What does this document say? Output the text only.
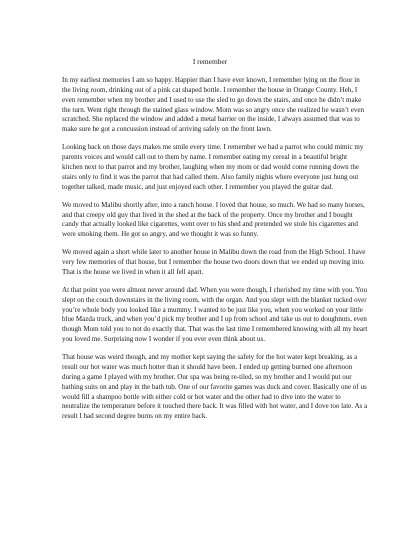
I remember

In my earliest memories I am so happy. Happier than I have ever known, I remember lying on the floor in the living room, drinking out of a pink cat shaped bottle. I remember the house in Orange County. Heh, I even remember when my brother and I used to use the sled to go down the stairs, and once he didn’t make the turn. Went right through the stained glass window. Mom was so angry once she realized he wasn’t even scratched. She replaced the window and added a metal barrier on the inside, I always assumed that was to make sure he got a concussion instead of arriving safely on the front lawn.

Looking back on those days makes me smile every time. I remember we had a parrot who could mimic my parents voices and would call out to them by name. I remember eating my cereal in a beautiful bright kitchen next to that parrot and my brother, laughing when my mom or dad would come running down the stairs only to find it was the parrot that had called them. Also family nights where everyone just hung out together talked, made music, and just enjoyed each other. I remember you played the guitar dad.

We moved to Malibu shortly after, into a ranch house. I loved that house, so much. We had so many horses, and that creepy old guy that lived in the shed at the back of the property. Once my brother and I bought candy that actually looked like cigarettes, went over to his shed and pretended we stole his cigarettes and were smoking them. He got so angry, and we thought it was so funny.

We moved again a short while later to another house in Malibu down the road from the High School. I have very few memories of that house, but I remember the house two doors down that we ended up moving into. That is the house we lived in when it all fell apart.

At that point you were almost never around dad. When you were though, I cherished my time with you. You slept on the couch downstairs in the living room, with the organ. And you slept with the blanket tucked over you’re whole body you looked like a mummy. I wanted to be just like you, when you worked on your little blue Mazda truck, and when you’d pick my brother and I up from school and take us out to doughnuts, even though Mom told you to not do exactly that. That was the last time I remembered knowing with all my heart you loved me. Surprising now I wonder if you ever even think about us.

That house was weird though, and my mother kept saying the safety for the hot water kept breaking, as a result our hot water was much hotter than it should have been. I ended up getting burned one afternoon during a game I played with my brother. Our spa was being re-tiled, so my brother and I would put our bathing suits on and play in the bath tub. One of our favorite games was duck and cover. Basically one of us would fill a shampoo bottle with either cold or hot water and the other had to dive into the water to neutralize the temperature before it touched there back. It was filled with hot water, and I dove too late. As a result I had second degree burns on my entire back.
